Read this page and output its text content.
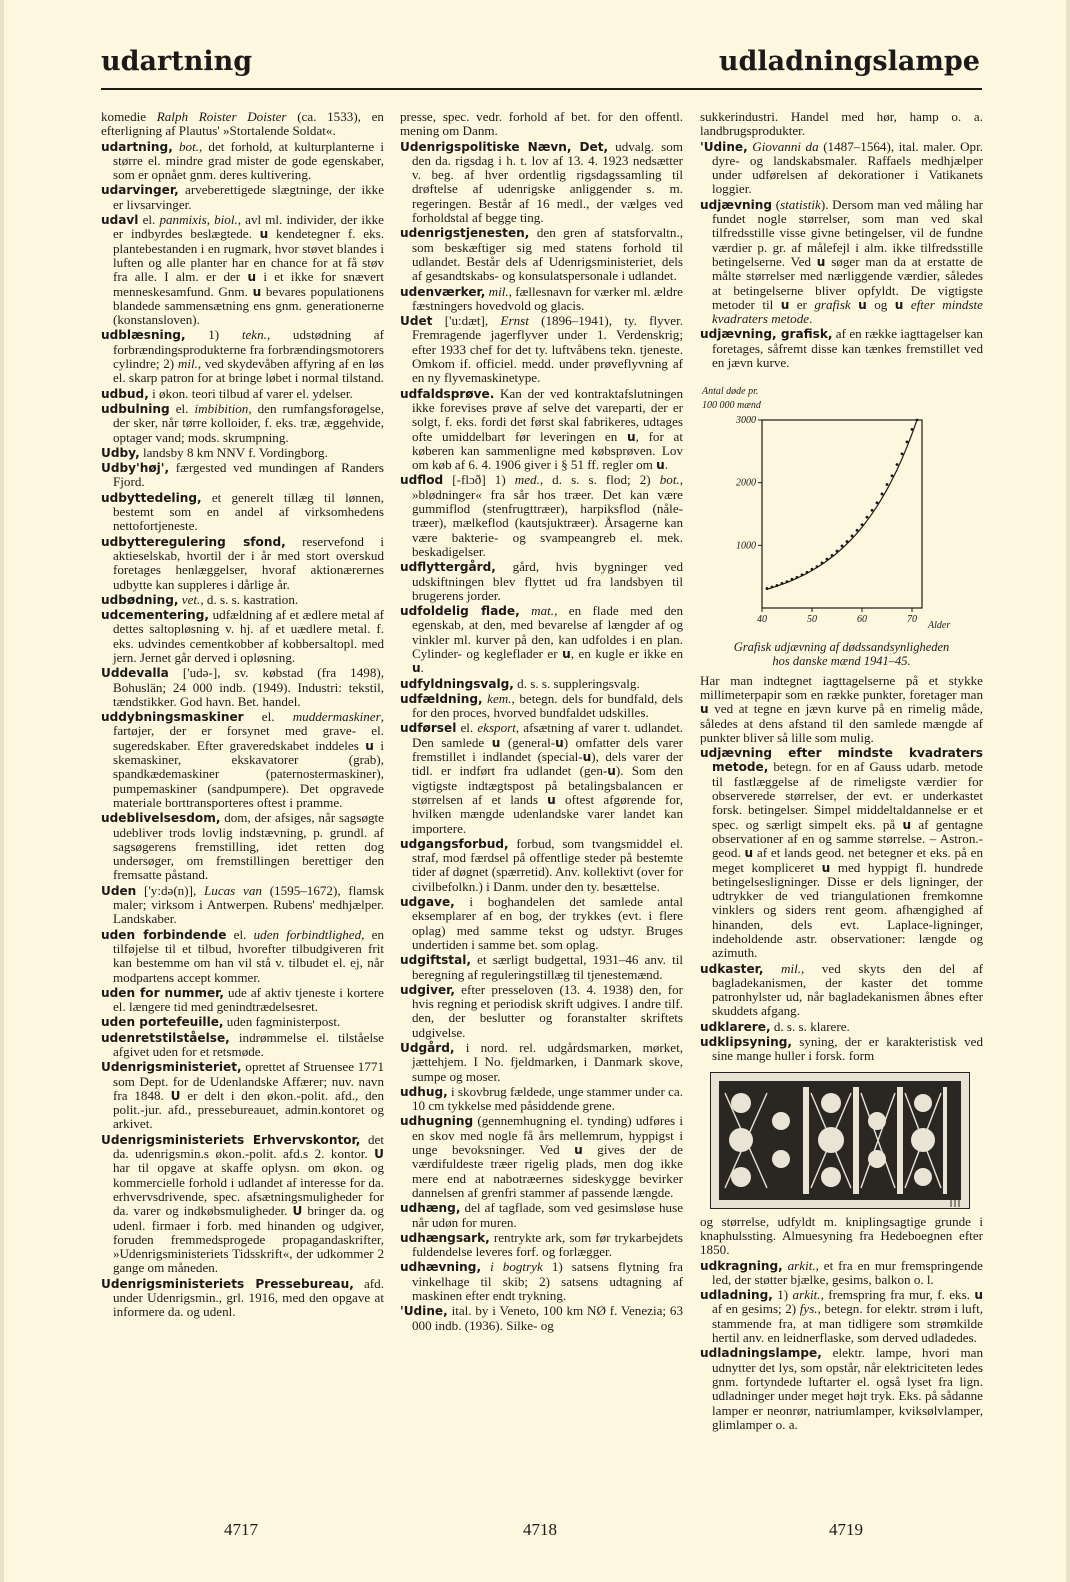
udartning	udladningslampe

komedie Ralph Roister Doister (ca. 1533), en efterligning af Plautus' »Stortalende Soldat«.

udartning, bot., det forhold, at kulturplanterne i større el. mindre grad mister de gode egenskaber, som er opnået gnm. deres kultivering.

udarvinger, arveberettigede slægtninge, der ikke er livsarvinger.

udavl el. panmixis, biol., avl ml. individer, der ikke er indbyrdes beslægtede. u kendetegner f. eks. plantebestanden i en rugmark, hvor støvet blandes i luften og alle planter har en chance for at få støv fra alle. I alm. er der u i et ikke for snævert menneskesamfund. Gnm. u bevares populationens blandede sammensætning ens gnm. generationerne (konstansloven).

udblæsning, 1) tekn., udstødning af forbrændingsprodukterne fra forbrændingsmotorers cylindre; 2) mil., ved skydevåben affyring af en løs el. skarp patron for at bringe løbet i normal tilstand.

udbud, i økon. teori tilbud af varer el. ydelser.

udbulning el. imbibition, den rumfangsforøgelse, der sker, når tørre kolloider, f. eks. træ, æggehvide, optager vand; mods. skrumpning.

Udby, landsby 8 km NNV f. Vordingborg.

Udby'høj', færgested ved mundingen af Randers Fjord.

udbyttedeling, et generelt tillæg til lønnen, bestemt som en andel af virksomhedens nettofortjeneste.

udbytteregulering sfond, reservefond i aktieselskab, hvortil der i år med stort overskud foretages henlæggelser, hvoraf aktionærernes udbytte kan suppleres i dårlige år.

udbødning, vet., d. s. s. kastration.

udcementering, udfældning af et ædlere metal af dettes saltopløsning v. hj. af et uædlere metal. f. eks. udvindes cementkobber af kobbersaltopl. med jern. Jernet går derved i opløsning.

Uddevalla ['udə-], sv. købstad (fra 1498), Bohuslän; 24 000 indb. (1949). Industri: tekstil, tændstikker. God havn. Bet. handel.

uddybningsmaskiner el. muddermaskiner, fartøjer, der er forsynet med grave- el. sugeredskaber. Efter graveredskabet inddeles u i skemaskiner, ekskavatorer (grab), spandkædemaskiner (paternostermaskiner), pumpemaskiner (sandpumpere). Det opgravede materiale borttransporteres oftest i pramme.

udeblivelsesdom, dom, der afsiges, når sagsøgte udebliver trods lovlig indstævning, p. grundl. af sagsøgerens fremstilling, idet retten dog undersøger, om fremstillingen berettiger den fremsatte påstand.

Uden ['y:də(n)], Lucas van (1595–1672), flamsk maler; virksom i Antwerpen. Rubens' medhjælper. Landskaber.

uden forbindende el. uden forbindtlighed, en tilføjelse til et tilbud, hvorefter tilbudgiveren frit kan bestemme om han vil stå v. tilbudet el. ej, når modpartens accept kommer.

uden for nummer, ude af aktiv tjeneste i kortere el. længere tid med genindtrædelsesret.

uden portefeuille, uden fagministerpost.

udenretstilståelse, indrømmelse el. tilståelse afgivet uden for et retsmøde.

Udenrigsministeriet, oprettet af Struensee 1771 som Dept. for de Udenlandske Affærer; nuv. navn fra 1848. U er delt i den økon.-polit. afd., den polit.-jur. afd., pressebureauet, admin.kontoret og arkivet.

Udenrigsministeriets Erhvervskontor, det da. udenrigsmin.s økon.-polit. afd.s 2. kontor. U har til opgave at skaffe oplysn. om økon. og kommercielle forhold i udlandet af interesse for da. erhvervsdrivende, spec. afsætningsmuligheder for da. varer og indkøbsmuligheder. U bringer da. og udenl. firmaer i forb. med hinanden og udgiver, foruden fremmedsprogede propagandaskrifter, »Udenrigsministeriets Tidsskrift«, der udkommer 2 gange om måneden.

Udenrigsministeriets Pressebureau, afd. under Udenrigsmin., grl. 1916, med den opgave at informere da. og udenl.

presse, spec. vedr. forhold af bet. for den offentl. mening om Danm.

Udenrigspolitiske Nævn, Det, udvalg. som den da. rigsdag i h. t. lov af 13. 4. 1923 nedsætter v. beg. af hver ordentlig rigsdagssamling til drøftelse af udenrigske anliggender s. m. regeringen. Består af 16 medl., der vælges ved forholdstal af begge ting.

udenrigstjenesten, den gren af statsforvaltn., som beskæftiger sig med statens forhold til udlandet. Består dels af Udenrigsministeriet, dels af gesandtskabs- og konsulatspersonale i udlandet.

udenværker, mil., fællesnavn for værker ml. ældre fæstningers hovedvold og glacis.

Udet ['u:dæt], Ernst (1896–1941), ty. flyver. Fremragende jagerflyver under 1. Verdenskrig; efter 1933 chef for det ty. luftvåbens tekn. tjeneste. Omkom if. officiel. medd. under prøveflyvning af en ny flyvemaskinetype.

udfaldsprøve. Kan der ved kontraktafslutningen ikke forevises prøve af selve det vareparti, der er solgt, f. eks. fordi det først skal fabrikeres, udtages ofte umiddelbart før leveringen en u, for at køberen kan sammenligne med købsprøven. Lov om køb af 6. 4. 1906 giver i § 51 ff. regler om u.

udflod [-flɔð] 1) med., d. s. s. flod; 2) bot., »blødninger« fra sår hos træer. Det kan være gummiflod (stenfrugttræer), harpiksflod (nåle-træer), mælkeflod (kautsjuktræer). Årsagerne kan være bakterie- og svampeangreb el. mek. beskadigelser.

udflyttergård, gård, hvis bygninger ved udskiftningen blev flyttet ud fra landsbyen til brugerens jorder.

udfoldelig flade, mat., en flade med den egenskab, at den, med bevarelse af længder af og vinkler ml. kurver på den, kan udfoldes i en plan. Cylinder- og kegleflader er u, en kugle er ikke en u.

udfyldningsvalg, d. s. s. suppleringsvalg.

udfældning, kem., betegn. dels for bundfald, dels for den proces, hvorved bundfaldet udskilles.

udførsel el. eksport, afsætning af varer t. udlandet. Den samlede u (general-u) omfatter dels varer fremstillet i indlandet (special-u), dels varer der tidl. er indført fra udlandet (gen-u). Som den vigtigste indtægtspost på betalingsbalancen er størrelsen af et lands u oftest afgørende for, hvilken mængde udenlandske varer landet kan importere.

udgangsforbud, forbud, som tvangsmiddel el. straf, mod færdsel på offentlige steder på bestemte tider af døgnet (spærretid). Anv. kollektivt (over for civilbefolkn.) i Danm. under den ty. besættelse.

udgave, i boghandelen det samlede antal eksemplarer af en bog, der trykkes (evt. i flere oplag) med samme tekst og udstyr. Bruges undertiden i samme bet. som oplag.

udgiftstal, et særligt budgettal, 1931–46 anv. til beregning af reguleringstillæg til tjenestemænd.

udgiver, efter presseloven (13. 4. 1938) den, for hvis regning et periodisk skrift udgives. I andre tilf. den, der beslutter og foranstalter skriftets udgivelse.

Udgård, i nord. rel. udgårdsmarken, mørket, jættehjem. I No. fjeldmarken, i Danmark skove, sumpe og moser.

udhug, i skovbrug fældede, unge stammer under ca. 10 cm tykkelse med påsiddende grene.

udhugning (gennemhugning el. tynding) udføres i en skov med nogle få års mellemrum, hyppigst i unge bevoksninger. Ved u gives der de værdifuldeste træer rigelig plads, men dog ikke mere end at nabotræernes sideskygge bevirker dannelsen af grenfri stammer af passende længde.

udhæng, del af tagflade, som ved gesimsløse huse når udøn for muren.

udhængsark, rentrykte ark, som før trykarbejdets fuldendelse leveres forf. og forlægger.

udhævning, i bogtryk 1) satsens flytning fra vinkelhage til skib; 2) satsens udtagning af maskinen efter endt trykning.

'Udine, ital. by i Veneto, 100 km NØ f. Venezia; 63 000 indb. (1936). Silke- og

sukkerindustri. Handel med hør, hamp o. a. landbrugsprodukter.

'Udine, Giovanni da (1487–1564), ital. maler. Opr. dyre- og landskabsmaler. Raffaels medhjælper under udførelsen af dekorationer i Vatikanets loggier.

udjævning (statistik). Dersom man ved måling har fundet nogle størrelser, som man ved skal tilfredsstille visse givne betingelser, vil de fundne værdier p. gr. af målefejl i alm. ikke tilfredsstille betingelserne. Ved u søger man da at erstatte de målte størrelser med nærliggende værdier, således at betingelserne bliver opfyldt. De vigtigste metoder til u er grafisk u og u efter mindste kvadraters metode.

udjævning, grafisk, af en række iagttagelser kan foretages, såfremt disse kan tænkes fremstillet ved en jævn kurve.

Antal døde pr.
100 000 mænd
Alder
1000
2000
3000
40	50	60	70
Grafisk udjævning af dødssandsynligheden
hos danske mænd 1941–45.

Har man indtegnet iagttagelserne på et stykke millimeterpapir som en række punkter, foretager man u ved at tegne en jævn kurve på en rimelig måde, således at dens afstand til den samlede mængde af punkter bliver så lille som mulig.

udjævning efter mindste kvadraters metode, betegn. for en af Gauss udarb. metode til fastlæggelse af de rimeligste værdier for observerede størrelser, der evt. er underkastet forsk. betingelser. Simpel middeltaldannelse er et spec. og særligt simpelt eks. på u af gentagne observationer af en og samme størrelse. – Astron.-geod. u af et lands geod. net betegner et eks. på en meget kompliceret u med hyppigt fl. hundrede betingelsesligninger. Disse er dels ligninger, der udtrykker de ved triangulationen fremkomne vinklers og siders rent geom. afhængighed af hinanden, dels evt. Laplace-ligninger, indeholdende astr. observationer: længde og azimuth.

udkaster, mil., ved skyts den del af bagladekanismen, der kaster det tomme patronhylster ud, når bagladekanismen åbnes efter skuddets afgang.

udklarere, d. s. s. klarere.

udklipsyning, syning, der er karakteristisk ved sine mange huller i forsk. form

og størrelse, udfyldt m. kniplingsagtige grunde i knaphulssting. Almuesyning fra Hedeboegnen efter 1850.

udkragning, arkit., et fra en mur fremspringende led, der støtter bjælke, gesims, balkon o. l.

udladning, 1) arkit., fremspring fra mur, f. eks. u af en gesims; 2) fys., betegn. for elektr. strøm i luft, stammende fra, at man tidligere som strømkilde hertil anv. en leidnerflaske, som derved udladedes.

udladningslampe, elektr. lampe, hvori man udnytter det lys, som opstår, når elektriciteten ledes gnm. fortyndede luftarter el. også lyset fra lign. udladninger under meget højt tryk. Eks. på sådanne lamper er neonrør, natriumlamper, kviksølvlamper, glimlamper o. a.

4717	4718	4719
